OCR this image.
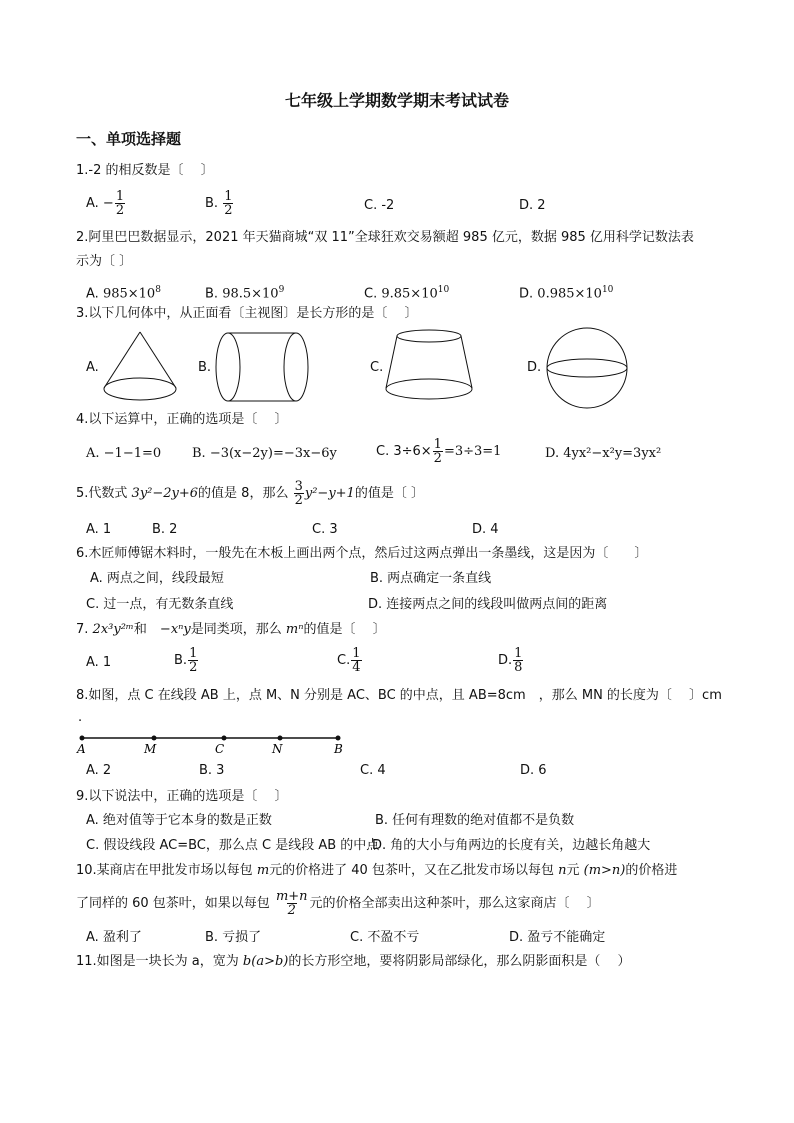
七年级上学期数学期末考试试卷
一、单项选择题
1.-2 的相反数是〔　 〕
A. − $\frac{1}{2}$	B. $\frac{1}{2}$	C. -2	D. 2
2.阿里巴巴数据显示，2021 年天猫商城“双 11”全球狂欢交易额超 985 亿元，数据 985 亿用科学记数法表
示为〔 〕
A. $985\times 10^8$	B. $98.5\times 10^9$	C. $9.85\times 10^{10}$	D. $0.985\times 10^{10}$
3.以下几何体中，从正面看〔主视图〕是长方形的是〔　 〕
A.	B.	C.	D.
4.以下运算中，正确的选项是〔　 〕
A. −1−1=0 B. −3(x−2y)=−3x−6y	C. $3\div 6\times \frac{1}{2} =3\div 3=1$	D. 4yx²−x²y=3yx²
5.代数式 3y²−2y+6的值是 8，那么 $\frac{3}{2} y^2-y+1$的值是〔 〕
A. 1	B. 2	C. 3	D. 4
6.木匠师傅锯木料时，一般先在木板上画出两个点，然后过这两点弹出一条墨线，这是因为〔　　〕
A. 两点之间，线段最短	B. 两点确定一条直线
C. 过一点，有无数条直线	D. 连接两点之间的线段叫做两点间的距离
7. 2x³y²ᵐ和　 −xⁿy是同类项，那么 mⁿ的值是〔　 〕
A. 1	B. $\frac{1}{2}$	C. $\frac{1}{4}$	D. $\frac{1}{8}$
8.如图，点 C 在线段 AB 上，点 M、N 分别是 AC、BC 的中点，且 AB=8cm　，那么 MN 的长度为〔　 〕cm
.
A	M	C	N	B
A. 2	B. 3	C. 4	D. 6
9.以下说法中，正确的选项是〔　 〕
A. 绝对值等于它本身的数是正数	B. 任何有理数的绝对值都不是负数
C. 假设线段 AC=BC，那么点 C 是线段 AB 的中点
D. 角的大小与角两边的长度有关，边越长角越大
10.某商店在甲批发市场以每包 m元的价格进了 40 包茶叶，又在乙批发市场以每包 n元 (m>n)的价格进
了同样的 60 包茶叶，如果以每包 $\frac{m+n}{2}$ 元的价格全部卖出这种茶叶，那么这家商店〔　 〕
A. 盈利了	B. 亏损了	C. 不盈不亏	D. 盈亏不能确定
11.如图是一块长为 a，宽为 b(a>b)的长方形空地，要将阴影局部绿化，那么阴影面积是（　 ）
